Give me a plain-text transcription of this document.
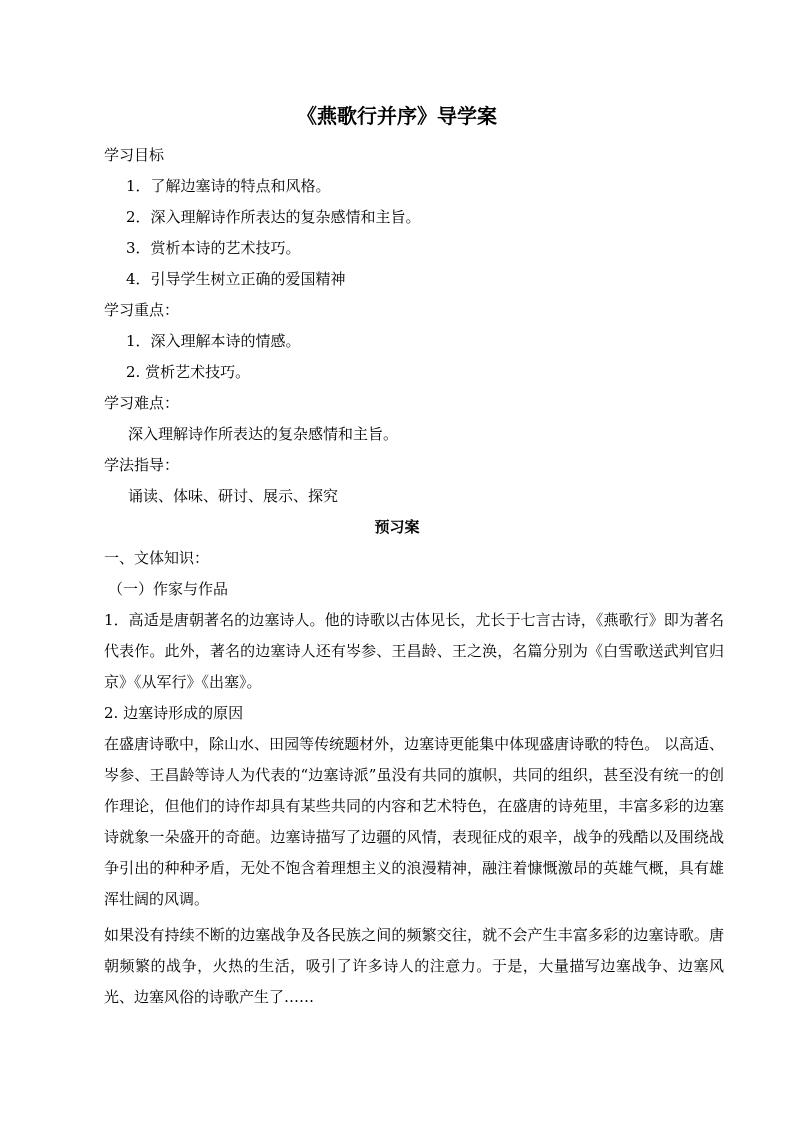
《燕歌行并序》导学案
学习目标
1．了解边塞诗的特点和风格。
2．深入理解诗作所表达的复杂感情和主旨。
3．赏析本诗的艺术技巧。
4．引导学生树立正确的爱国精神
学习重点：
1．深入理解本诗的情感。
2. 赏析艺术技巧。
学习难点：
深入理解诗作所表达的复杂感情和主旨。
学法指导：
诵读、体味、研讨、展示、探究
预习案
一、文体知识：
（一）作家与作品
1．高适是唐朝著名的边塞诗人。他的诗歌以古体见长，尤长于七言古诗，《燕歌行》即为著名代表作。此外，著名的边塞诗人还有岑参、王昌龄、王之涣，名篇分别为《白雪歌送武判官归京》《从军行》《出塞》。
2. 边塞诗形成的原因
在盛唐诗歌中，除山水、田园等传统题材外，边塞诗更能集中体现盛唐诗歌的特色。 以高适、岑参、王昌龄等诗人为代表的“边塞诗派”虽没有共同的旗帜，共同的组织，甚至没有统一的创作理论，但他们的诗作却具有某些共同的内容和艺术特色，在盛唐的诗苑里，丰富多彩的边塞诗就象一朵盛开的奇葩。边塞诗描写了边疆的风情，表现征戍的艰辛，战争的残酷以及围绕战争引出的种种矛盾，无处不饱含着理想主义的浪漫精神，融注着慷慨激昂的英雄气概，具有雄浑壮阔的风调。
如果没有持续不断的边塞战争及各民族之间的频繁交往，就不会产生丰富多彩的边塞诗歌。唐朝频繁的战争，火热的生活，吸引了许多诗人的注意力。于是，大量描写边塞战争、边塞风光、边塞风俗的诗歌产生了……
